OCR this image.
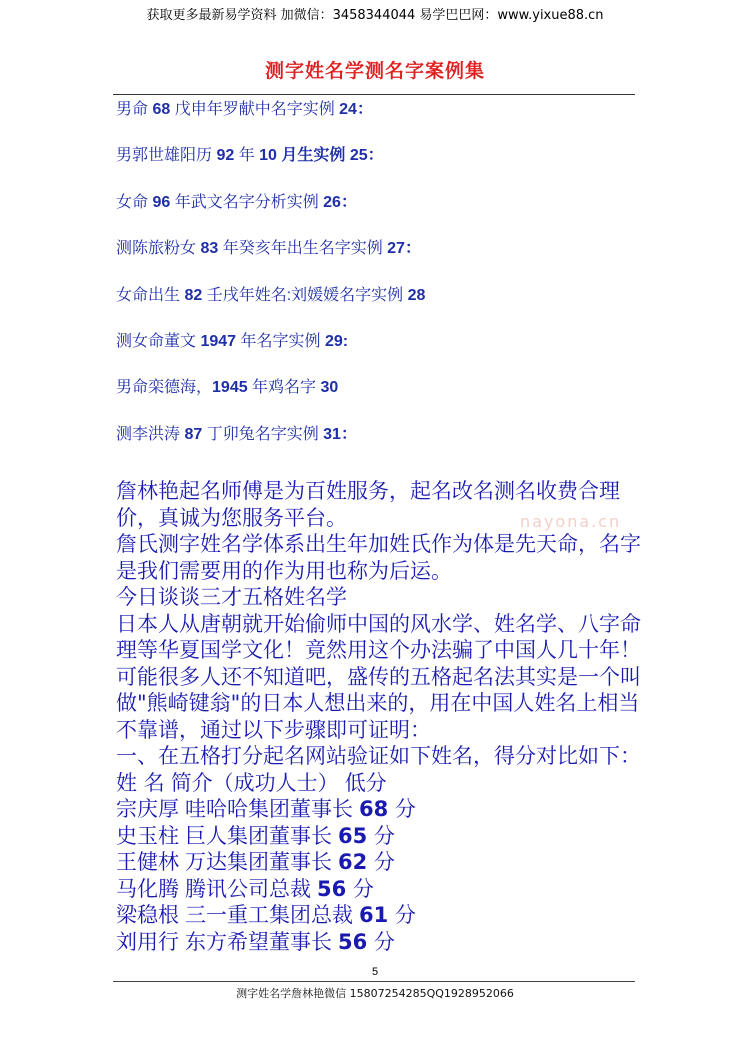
获取更多最新易学资料 加微信：3458344044 易学巴巴网：www.yixue88.cn
测字姓名学测名字案例集
男命 68 戊申年罗献中名字实例 24：
男郭世雄阳历 92 年 10 月生实例 25：
女命 96 年武文名字分析实例 26：
测陈旅粉女 83 年癸亥年出生名字实例 27：
女命出生 82 壬戌年姓名:刘媛媛名字实例 28
测女命董文 1947 年名字实例 29:
男命栾德海，1945 年鸡名字 30
测李洪涛 87 丁卯兔名字实例 31：
nayona.cn

詹林艳起名师傅是为百姓服务，起名改名测名收费合理价，真诚为您服务平台。

詹氏测字姓名学体系出生年加姓氏作为体是先天命，名字是我们需要用的作为用也称为后运。

今日谈谈三才五格姓名学

日本人从唐朝就开始偷师中国的风水学、姓名学、八字命理等华夏国学文化！竟然用这个办法骗了中国人几十年！可能很多人还不知道吧，盛传的五格起名法其实是一个叫做"熊崎键翁"的日本人想出来的，用在中国人姓名上相当不靠谱，通过以下步骤即可证明：

一、在五格打分起名网站验证如下姓名，得分对比如下：

姓 名 简介（成功人士） 低分

宗庆厚 哇哈哈集团董事长 68 分

史玉柱 巨人集团董事长 65 分

王健林 万达集团董事长 62 分

马化腾 腾讯公司总裁 56 分

梁稳根 三一重工集团总裁 61 分

刘用行 东方希望董事长 56 分

5
测字姓名学詹林艳微信 15807254285QQ1928952066
